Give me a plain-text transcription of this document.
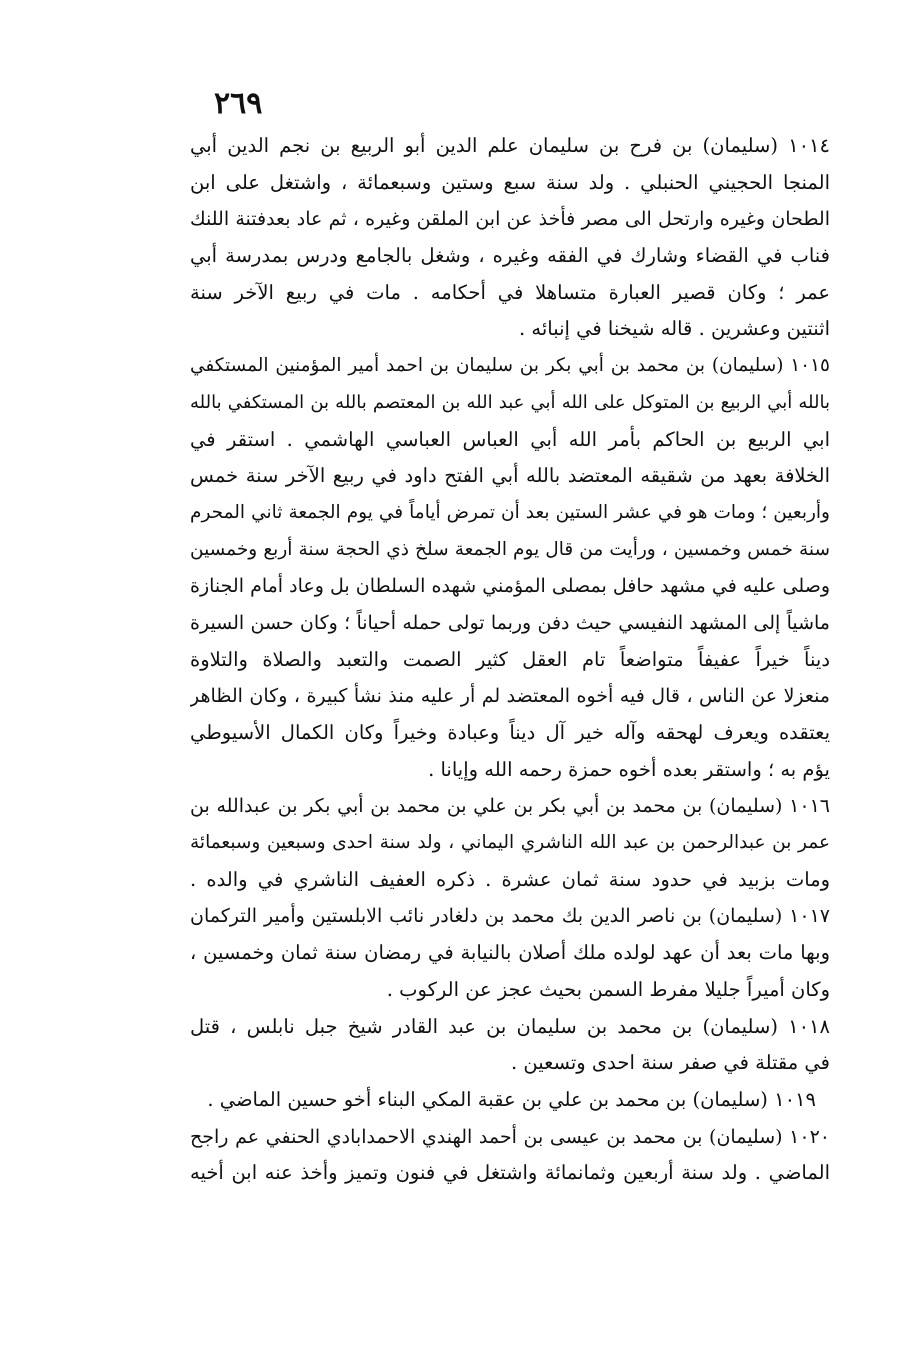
٢٦٩
١٠١٤ (سليمان) بن فرح بن سليمان علم الدين أبو الربيع بن نجم الدين أبي
المنجا الحجيني الحنبلي . ولد سنة سبع وستين وسبعمائة ، واشتغل على ابن
الطحان وغيره وارتحل الى مصر فأخذ عن ابن الملقن وغيره ، ثم عاد بعدفتنة اللنك
فناب في القضاء وشارك في الفقه وغيره ، وشغل بالجامع ودرس بمدرسة أبي
عمر ؛ وكان قصير العبارة متساهلا في أحكامه . مات في ربيع الآخر سنة
اثنتين وعشرين . قاله شيخنا في إنبائه .
١٠١٥ (سليمان) بن محمد بن أبي بكر بن سليمان بن احمد أمير المؤمنين المستكفي
بالله أبي الربيع بن المتوكل على الله أبي عبد الله بن المعتصم بالله بن المستكفي بالله
ابي الربيع بن الحاكم بأمر الله أبي العباس العباسي الهاشمي . استقر في
الخلافة بعهد من شقيقه المعتضد بالله أبي الفتح داود في ربيع الآخر سنة خمس
وأربعين ؛ ومات هو في عشر الستين بعد أن تمرض أياماً في يوم الجمعة ثاني المحرم
سنة خمس وخمسين ، ورأيت من قال يوم الجمعة سلخ ذي الحجة سنة أربع وخمسين
وصلى عليه في مشهد حافل بمصلى المؤمني شهده السلطان بل وعاد أمام الجنازة
ماشياً إلى المشهد النفيسي حيث دفن وربما تولى حمله أحياناً ؛ وكان حسن السيرة
ديناً خيراً عفيفاً متواضعاً تام العقل كثير الصمت والتعبد والصلاة والتلاوة
منعزلا عن الناس ، قال فيه أخوه المعتضد لم أر عليه منذ نشأ كبيرة ، وكان الظاهر
يعتقده ويعرف لهحقه وآله خير آل ديناً وعبادة وخيراً وكان الكمال الأسيوطي
يؤم به ؛ واستقر بعده أخوه حمزة رحمه الله وإيانا .
١٠١٦ (سليمان) بن محمد بن أبي بكر بن علي بن محمد بن أبي بكر بن عبدالله بن
عمر بن عبدالرحمن بن عبد الله الناشري اليماني ، ولد سنة احدى وسبعين وسبعمائة
ومات بزبيد في حدود سنة ثمان عشرة . ذكره العفيف الناشري في والده .
١٠١٧ (سليمان) بن ناصر الدين بك محمد بن دلغادر نائب الابلستين وأمير التركمان
وبها مات بعد أن عهد لولده ملك أصلان بالنيابة في رمضان سنة ثمان وخمسين ،
وكان أميراً جليلا مفرط السمن بحيث عجز عن الركوب .
١٠١٨ (سليمان) بن محمد بن سليمان بن عبد القادر شيخ جبل نابلس ، قتل
في مقتلة في صفر سنة احدى وتسعين .
١٠١٩ (سليمان) بن محمد بن علي بن عقبة المكي البناء أخو حسين الماضي .
١٠٢٠ (سليمان) بن محمد بن عيسى بن أحمد الهندي الاحمدابادي الحنفي عم راجح
الماضي . ولد سنة أربعين وثمانمائة واشتغل في فنون وتميز وأخذ عنه ابن أخيه
